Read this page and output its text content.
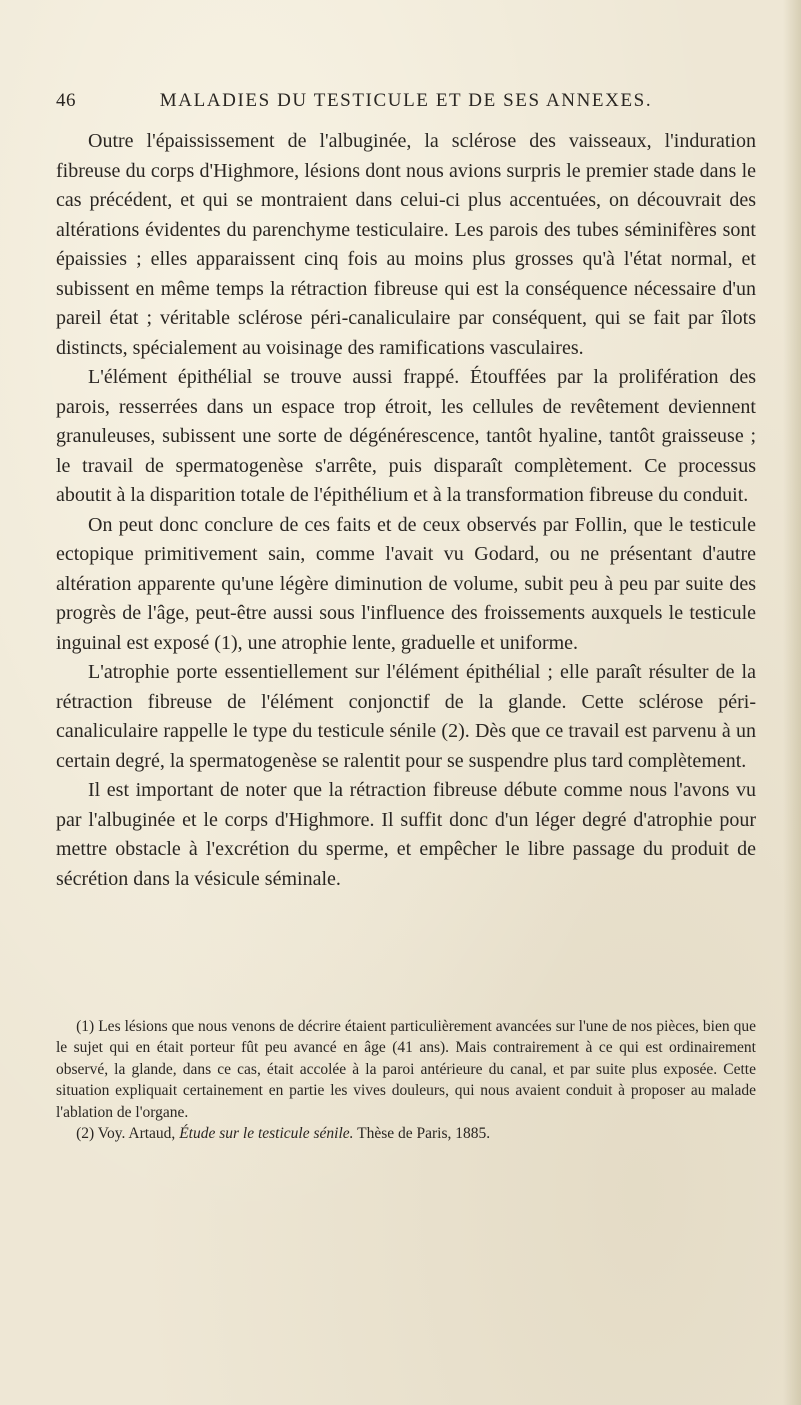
46	MALADIES DU TESTICULE ET DE SES ANNEXES.

Outre l'épaississement de l'albuginée, la sclérose des vaisseaux, l'induration fibreuse du corps d'Highmore, lésions dont nous avions surpris le premier stade dans le cas précédent, et qui se montraient dans celui-ci plus accentuées, on découvrait des altérations évidentes du parenchyme testiculaire. Les parois des tubes séminifères sont épaissies ; elles apparaissent cinq fois au moins plus grosses qu'à l'état normal, et subissent en même temps la rétraction fibreuse qui est la conséquence nécessaire d'un pareil état ; véritable sclérose péri-canaliculaire par conséquent, qui se fait par îlots distincts, spécialement au voisinage des ramifications vasculaires.

L'élément épithélial se trouve aussi frappé. Étouffées par la prolifération des parois, resserrées dans un espace trop étroit, les cellules de revêtement deviennent granuleuses, subissent une sorte de dégénérescence, tantôt hyaline, tantôt graisseuse ; le travail de spermatogenèse s'arrête, puis disparaît complètement. Ce processus aboutit à la disparition totale de l'épithélium et à la transformation fibreuse du conduit.

On peut donc conclure de ces faits et de ceux observés par Follin, que le testicule ectopique primitivement sain, comme l'avait vu Godard, ou ne présentant d'autre altération apparente qu'une légère diminution de volume, subit peu à peu par suite des progrès de l'âge, peut-être aussi sous l'influence des froissements auxquels le testicule inguinal est exposé (1), une atrophie lente, graduelle et uniforme.

L'atrophie porte essentiellement sur l'élément épithélial ; elle paraît résulter de la rétraction fibreuse de l'élément conjonctif de la glande. Cette sclérose péri-canaliculaire rappelle le type du testicule sénile (2). Dès que ce travail est parvenu à un certain degré, la spermatogenèse se ralentit pour se suspendre plus tard complètement.

Il est important de noter que la rétraction fibreuse débute comme nous l'avons vu par l'albuginée et le corps d'Highmore. Il suffit donc d'un léger degré d'atrophie pour mettre obstacle à l'excrétion du sperme, et empêcher le libre passage du produit de sécrétion dans la vésicule séminale.

(1) Les lésions que nous venons de décrire étaient particulièrement avancées sur l'une de nos pièces, bien que le sujet qui en était porteur fût peu avancé en âge (41 ans). Mais contrairement à ce qui est ordinairement observé, la glande, dans ce cas, était accolée à la paroi antérieure du canal, et par suite plus exposée. Cette situation expliquait certainement en partie les vives douleurs, qui nous avaient conduit à proposer au malade l'ablation de l'organe.

(2) Voy. Artaud, Étude sur le testicule sénile. Thèse de Paris, 1885.
